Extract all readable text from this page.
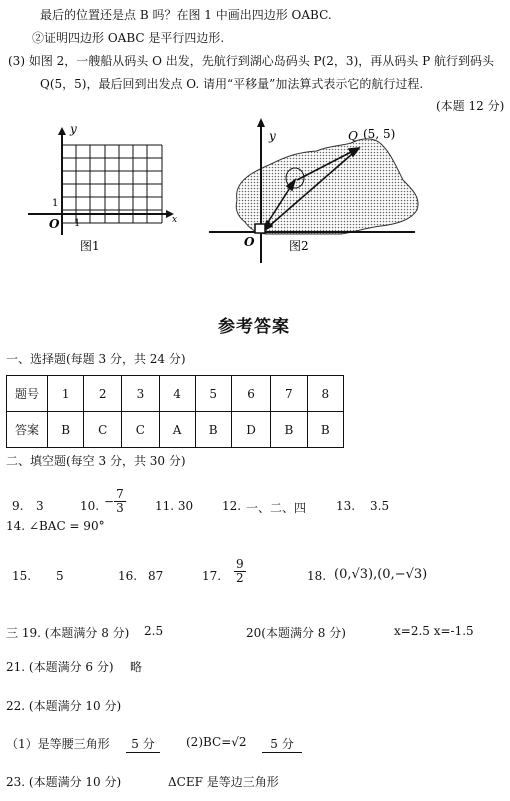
最后的位置还是点 B 吗？在图 1 中画出四边形 OABC.
②证明四边形 OABC 是平行四边形.
(3) 如图 2，一艘船从码头 O 出发，先航行到湖心岛码头 P(2，3)，再从码头 P 航行到码头
Q(5，5)，最后回到出发点 O. 请用“平移量”加法算式表示它的航行过程.
(本题 12 分)
y
x
O
1
1
图1
y
O
Q (5, 5)
图2
参考答案
一、选择题(每题 3 分，共 24 分)
题号	1	2	3	4	5	6	7	8
答案	B	C	C	A	B	D	B	B
二、填空题(每空 3 分，共 30 分)
9. 3	10. − $\frac{7}{3} 11$. 30 12. 一、二、四 13. 3.5
14. ∠BAC = 90°
15. 5	16. 87	17. $\frac{9}{2}$	18. (0,√3),(0,−√3)
三 19. (本题满分 8 分) 2.5	20(本题满分 8 分)	x=2.5 x=-1.5
21. (本题满分 6 分) 略
22. (本题满分 10 分)
（1）是等腰三角形	5 分	(2)BC=√2	5 分
23. (本题满分 10 分)	ΔCEF 是等边三角形
